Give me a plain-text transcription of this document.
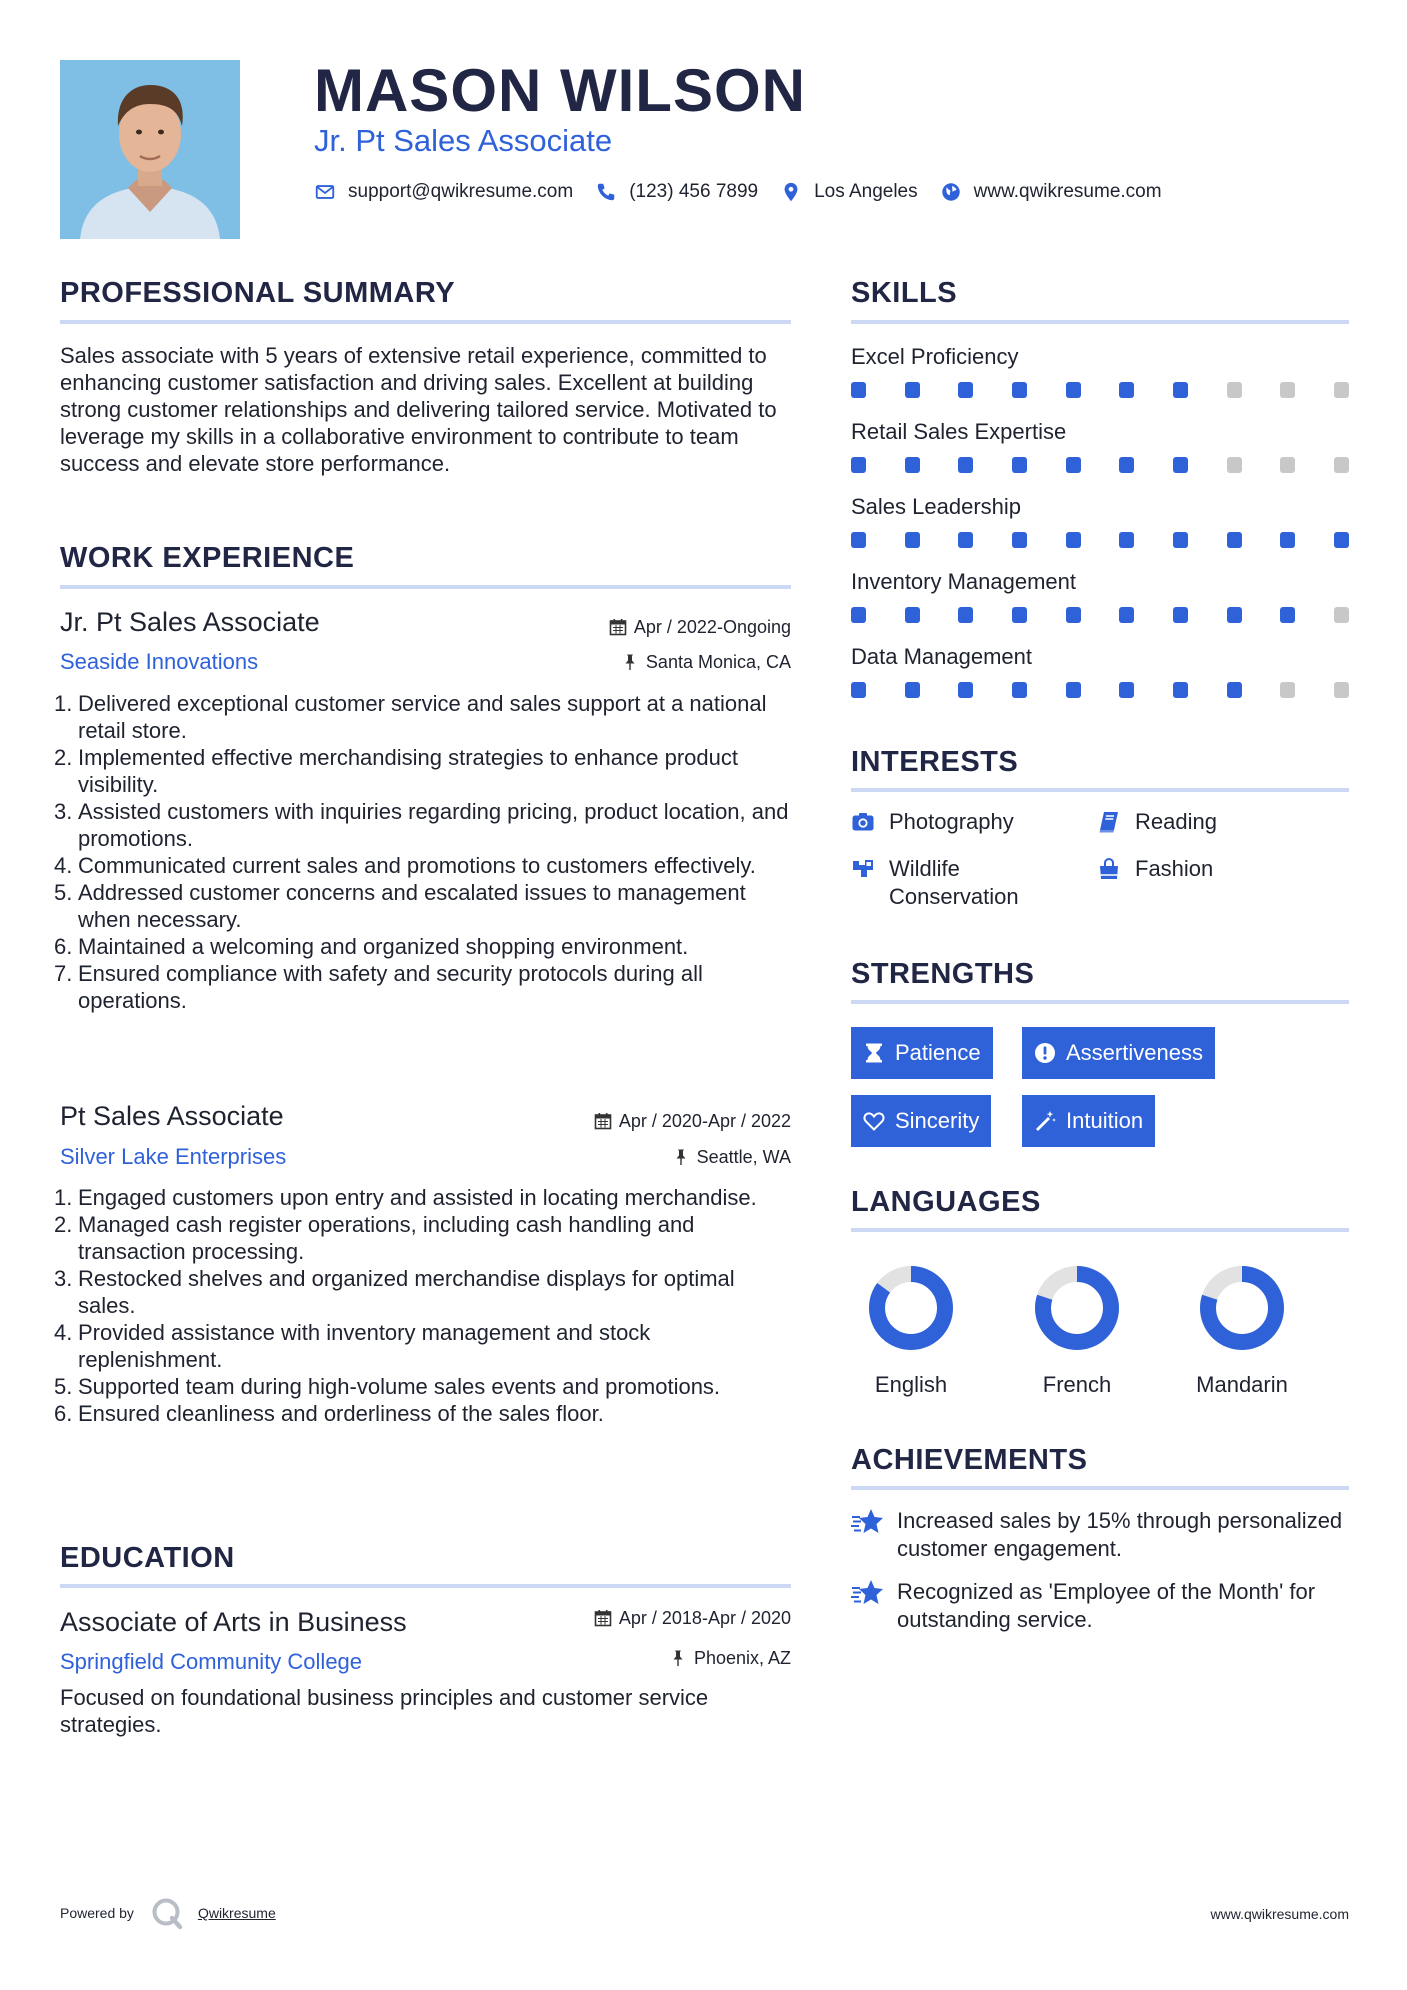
MASON WILSON
Jr. Pt Sales Associate
support@qwikresume.com	(123) 456 7899	Los Angeles	www.qwikresume.com
PROFESSIONAL SUMMARY
Sales associate with 5 years of extensive retail experience, committed to enhancing customer satisfaction and driving sales. Excellent at building strong customer relationships and delivering tailored service. Motivated to leverage my skills in a collaborative environment to contribute to team success and elevate store performance.
WORK EXPERIENCE
Jr. Pt Sales Associate	Apr / 2022-Ongoing
Seaside Innovations	Santa Monica, CA
1. Delivered exceptional customer service and sales support at a national retail store.
2. Implemented effective merchandising strategies to enhance product visibility.
3. Assisted customers with inquiries regarding pricing, product location, and promotions.
4. Communicated current sales and promotions to customers effectively.
5. Addressed customer concerns and escalated issues to management when necessary.
6. Maintained a welcoming and organized shopping environment.
7. Ensured compliance with safety and security protocols during all operations.
Pt Sales Associate	Apr / 2020-Apr / 2022
Silver Lake Enterprises	Seattle, WA
1. Engaged customers upon entry and assisted in locating merchandise.
2. Managed cash register operations, including cash handling and transaction processing.
3. Restocked shelves and organized merchandise displays for optimal sales.
4. Provided assistance with inventory management and stock replenishment.
5. Supported team during high-volume sales events and promotions.
6. Ensured cleanliness and orderliness of the sales floor.
EDUCATION
Associate of Arts in Business	Apr / 2018-Apr / 2020
Springfield Community College	Phoenix, AZ
Focused on foundational business principles and customer service strategies.
SKILLS
Excel Proficiency
Retail Sales Expertise
Sales Leadership
Inventory Management
Data Management
INTERESTS
Photography	Reading
Wildlife Conservation
Fashion
STRENGTHS
Patience	Assertiveness
Sincerity	Intuition
LANGUAGES
English	French	Mandarin
ACHIEVEMENTS
Increased sales by 15% through personalized customer engagement.
Recognized as 'Employee of the Month' for outstanding service.
Powered by	Qwikresume	www.qwikresume.com
